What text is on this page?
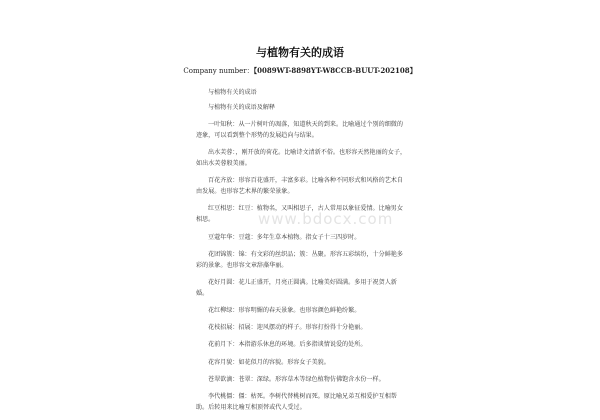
与植物有关的成语
Company number：【0089WT-8898YT-W8CCB-BUUT-202108】
www.bdocx.com

与植物有关的成语

与植物有关的成语及解释

一叶知秋：从一片树叶的凋落，知道秋天的到来。比喻通过个别的细微的迹象，可以看到整个形势的发展趋向与结果。

出水芙蓉：，刚开放的荷花。比喻诗文清新不俗。也形容天然艳丽的女子，如出水芙蓉般美丽。

百花齐放：形容百花盛开，丰富多彩。比喻各种不同形式和风格的艺术自由发展。也形容艺术界的繁荣景象。

红豆相思：红豆：植物名，又叫相思子，古人常用以象征爱情。比喻男女相思。

豆蔻年华：豆蔻：多年生草本植物。指女子十三四岁时。

花团锦簇：锦：有文彩的丝织品；簇：丛聚。形容五彩缤纷，十分鲜艳多彩的景象。也形容文章辞藻华丽。

花好月圆：花儿正盛开，月亮正圆满。比喻美好圆满。多用于祝贺人新婚。

花红柳绿：形容明媚的春天景象。也形容颜色鲜艳纷繁。

花枝招展：招展：迎风摆动的样子。形容打扮得十分艳丽。

花前月下：本指游乐休息的环境。后多指谈情说爱的处所。

花容月貌：如花似月的容貌。形容女子美貌。

苍翠欲滴：苍翠：深绿。形容草木等绿色植物仿佛饱含水份一样。

李代桃僵：僵：枯死。李树代替桃树而死。原比喻兄弟互相爱护互相帮助。后转用来比喻互相顶替或代人受过。
